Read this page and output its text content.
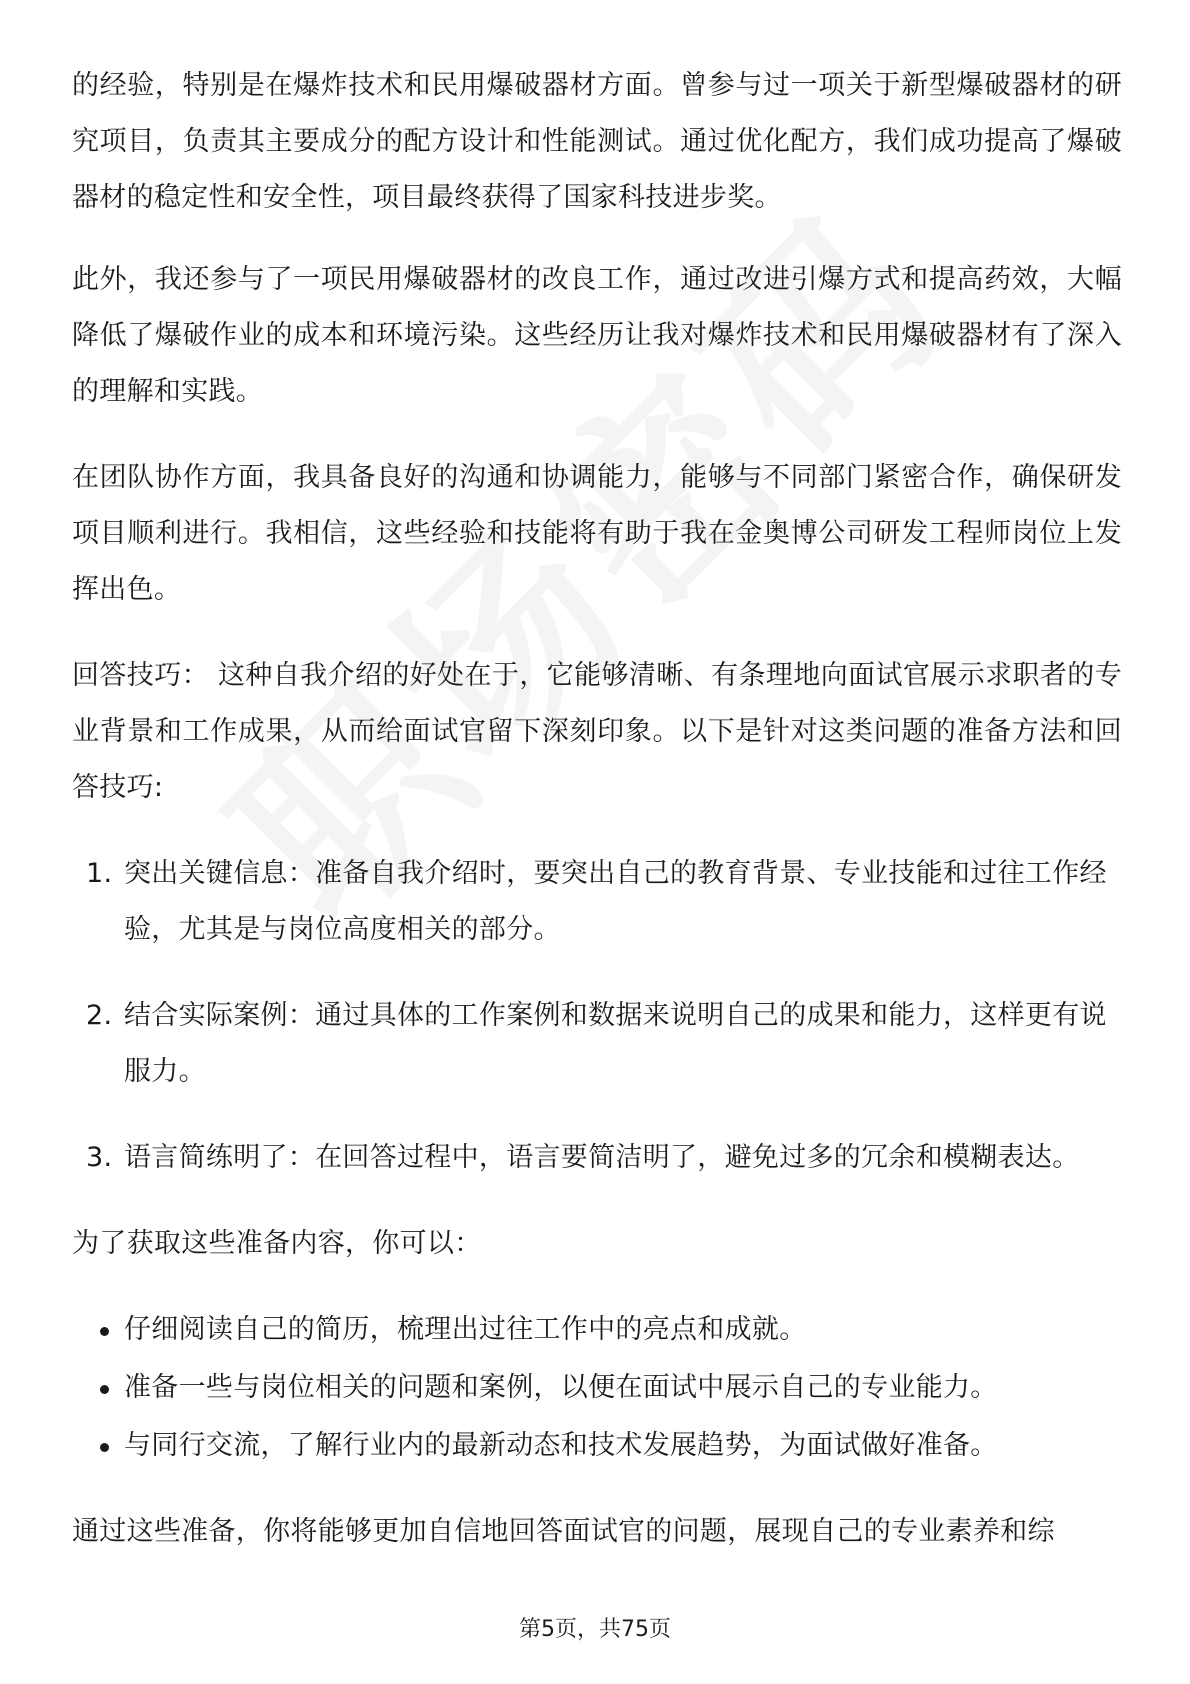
的经验，特别是在爆炸技术和民用爆破器材方面。曾参与过一项关于新型爆破器材的研究项目，负责其主要成分的配方设计和性能测试。通过优化配方，我们成功提高了爆破器材的稳定性和安全性，项目最终获得了国家科技进步奖。

此外，我还参与了一项民用爆破器材的改良工作，通过改进引爆方式和提高药效，大幅降低了爆破作业的成本和环境污染。这些经历让我对爆炸技术和民用爆破器材有了深入的理解和实践。

在团队协作方面，我具备良好的沟通和协调能力，能够与不同部门紧密合作，确保研发项目顺利进行。我相信，这些经验和技能将有助于我在金奥博公司研发工程师岗位上发挥出色。

回答技巧： 这种自我介绍的好处在于，它能够清晰、有条理地向面试官展示求职者的专业背景和工作成果，从而给面试官留下深刻印象。以下是针对这类问题的准备方法和回答技巧:

1. 突出关键信息：准备自我介绍时，要突出自己的教育背景、专业技能和过往工作经验，尤其是与岗位高度相关的部分。
2. 结合实际案例：通过具体的工作案例和数据来说明自己的成果和能力，这样更有说服力。
3. 语言简练明了：在回答过程中，语言要简洁明了，避免过多的冗余和模糊表达。

为了获取这些准备内容，你可以：

仔细阅读自己的简历，梳理出过往工作中的亮点和成就。
准备一些与岗位相关的问题和案例，以便在面试中展示自己的专业能力。
与同行交流，了解行业内的最新动态和技术发展趋势，为面试做好准备。

通过这些准备，你将能够更加自信地回答面试官的问题，展现自己的专业素养和综

第5页，共75页
